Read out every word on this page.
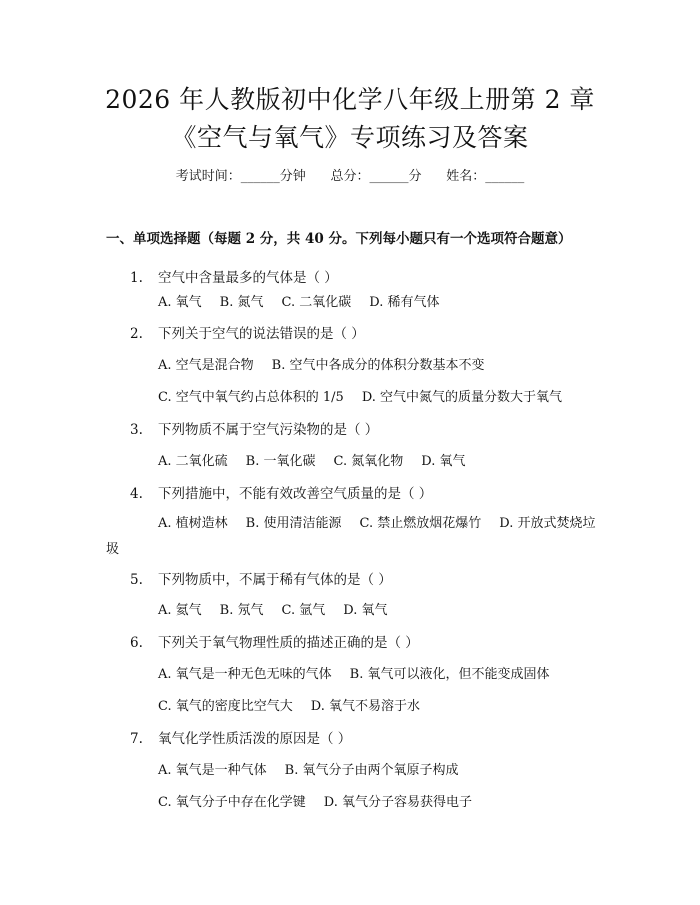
2026 年人教版初中化学八年级上册第 2 章
《空气与氧气》专项练习及答案
考试时间：______分钟      总分：______分      姓名：______
一、单项选择题（每题 2 分，共 40 分。下列每小题只有一个选项符合题意）
1. 空气中含量最多的气体是（ ）
A. 氧气 B. 氮气 C. 二氧化碳 D. 稀有气体
2. 下列关于空气的说法错误的是（ ）
A. 空气是混合物 B. 空气中各成分的体积分数基本不变
C. 空气中氧气约占总体积的 1/5 D. 空气中氮气的质量分数大于氧气
3. 下列物质不属于空气污染物的是（ ）
A. 二氧化硫 B. 一氧化碳 C. 氮氧化物 D. 氧气
4. 下列措施中，不能有效改善空气质量的是（ ）
A. 植树造林 B. 使用清洁能源 C. 禁止燃放烟花爆竹 D. 开放式焚烧垃圾
5. 下列物质中，不属于稀有气体的是（ ）
A. 氦气 B. 氖气 C. 氩气 D. 氧气
6. 下列关于氧气物理性质的描述正确的是（ ）
A. 氧气是一种无色无味的气体 B. 氧气可以液化，但不能变成固体
C. 氧气的密度比空气大 D. 氧气不易溶于水
7. 氧气化学性质活泼的原因是（ ）
A. 氧气是一种气体 B. 氧气分子由两个氧原子构成
C. 氧气分子中存在化学键 D. 氧气分子容易获得电子
